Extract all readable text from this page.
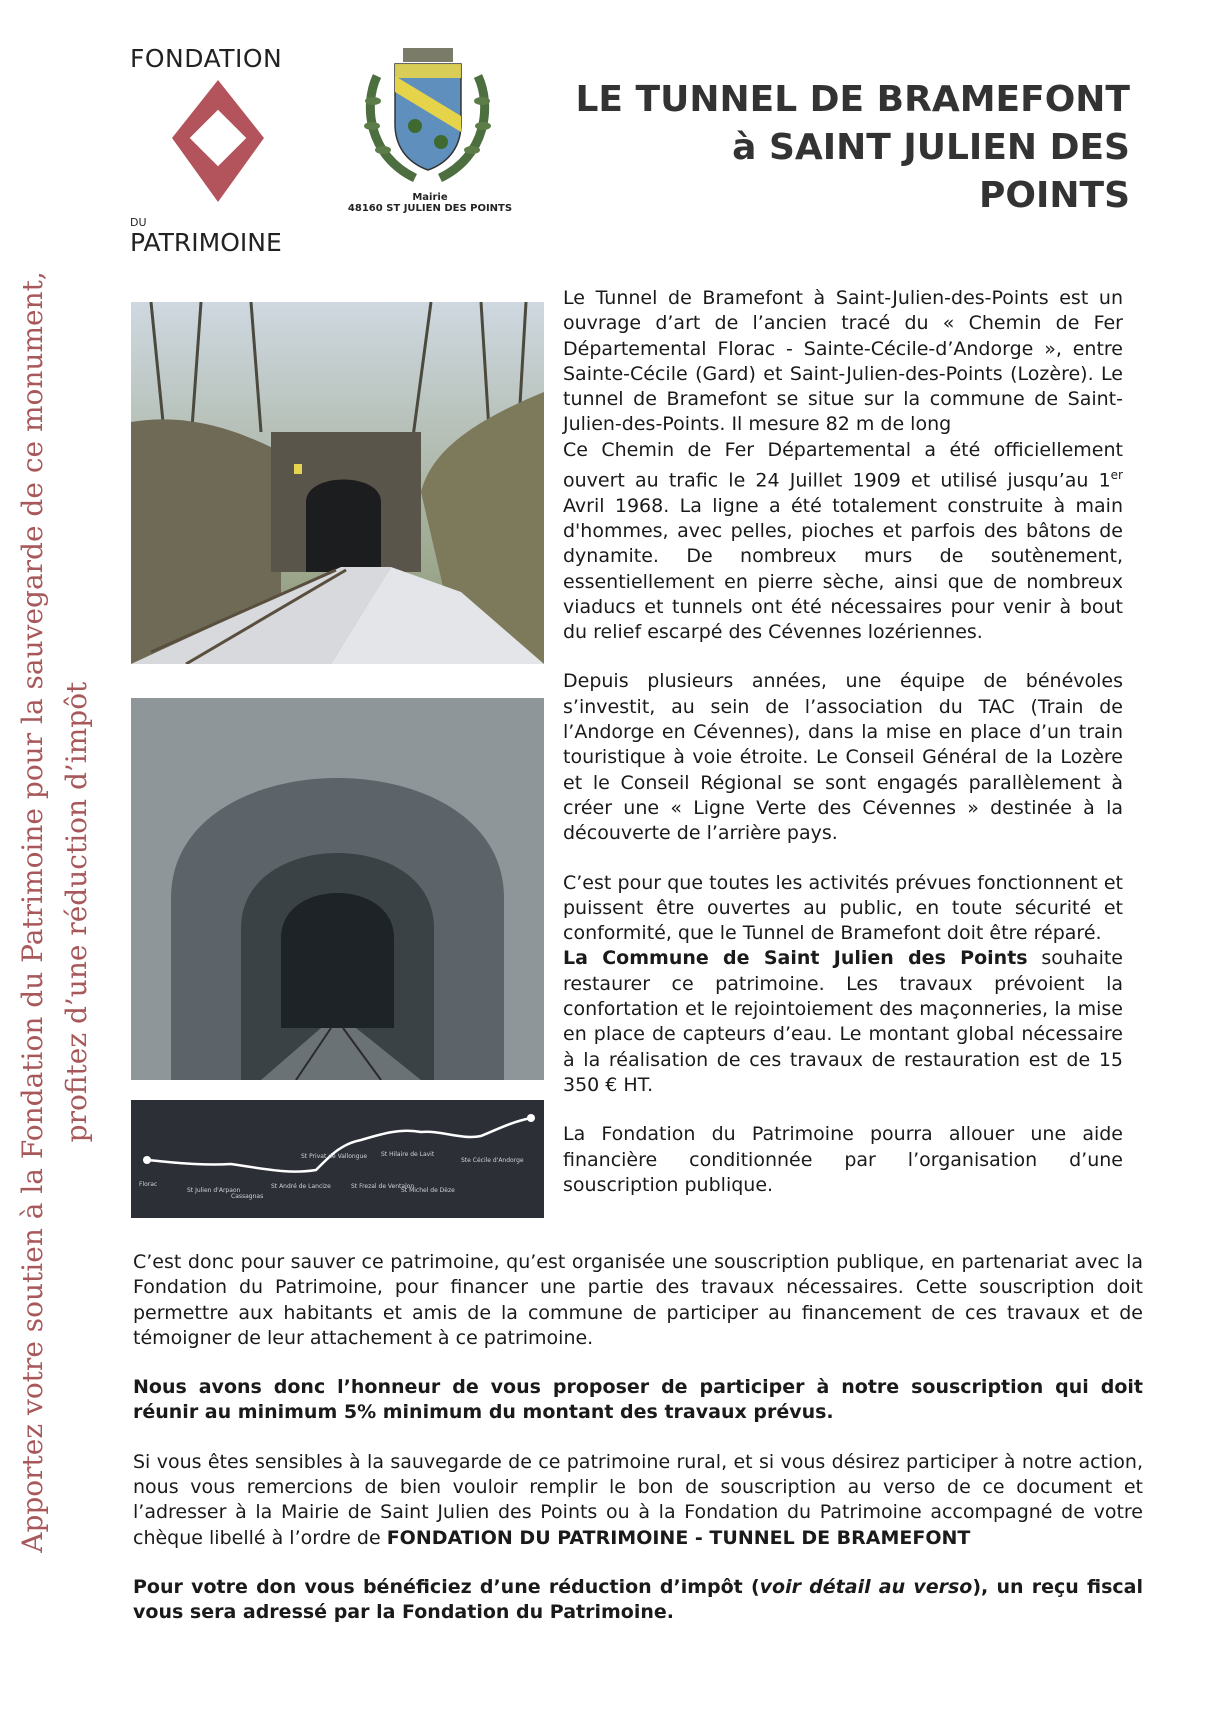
Apportez votre soutien à la Fondation du Patrimoine pour la sauvegarde de ce monument, profitez d’une réduction d’impôt
FONDATION
DU
PATRIMOINE
Mairie
48160 ST JULIEN DES POINTS
LE TUNNEL DE BRAMEFONT
à SAINT JULIEN DES POINTS
Florac
St Julien d'Arpaon
Cassagnas
St André de Lancize
St Privat de Vallongue
St Frezal de Ventalon
St Hilaire de Lavit
St Michel de Dèze
Ste Cécile d'Andorge

Le Tunnel de Bramefont à Saint-Julien-des-Points est un ouvrage d’art de l’ancien tracé du « Chemin de Fer Départemental Florac - Sainte-Cécile-d’Andorge », entre Sainte-Cécile (Gard) et Saint-Julien-des-Points (Lozère). Le tunnel de Bramefont se situe sur la commune de Saint-Julien-des-Points. Il mesure 82 m de long

Ce Chemin de Fer Départemental a été officiellement ouvert au trafic le 24 Juillet 1909 et utilisé jusqu’au 1er Avril 1968. La ligne a été totalement construite à main d'hommes, avec pelles, pioches et parfois des bâtons de dynamite. De nombreux murs de soutènement, essentiellement en pierre sèche, ainsi que de nombreux viaducs et tunnels ont été nécessaires pour venir à bout du relief escarpé des Cévennes lozériennes.

Depuis plusieurs années, une équipe de bénévoles s’investit, au sein de l’association du TAC (Train de l’Andorge en Cévennes), dans la mise en place d’un train touristique à voie étroite. Le Conseil Général de la Lozère et le Conseil Régional se sont engagés parallèlement à créer une « Ligne Verte des Cévennes » destinée à la découverte de l’arrière pays.

C’est pour que toutes les activités prévues fonctionnent et puissent être ouvertes au public, en toute sécurité et conformité, que le Tunnel de Bramefont doit être réparé.

La Commune de Saint Julien des Points souhaite restaurer ce patrimoine. Les travaux prévoient la confortation et le rejointoiement des maçonneries, la mise en place de capteurs d’eau. Le montant global nécessaire à la réalisation de ces travaux de restauration est de 15 350 € HT.

La Fondation du Patrimoine pourra allouer une aide financière conditionnée par l’organisation d’une souscription publique.

C’est donc pour sauver ce patrimoine, qu’est organisée une souscription publique, en partenariat avec la Fondation du Patrimoine, pour financer une partie des travaux nécessaires. Cette souscription doit permettre aux habitants et amis de la commune de participer au financement de ces travaux et de témoigner de leur attachement à ce patrimoine.

Nous avons donc l’honneur de vous proposer de participer à notre souscription qui doit réunir au minimum 5% minimum du montant des travaux prévus.

Si vous êtes sensibles à la sauvegarde de ce patrimoine rural, et si vous désirez participer à notre action, nous vous remercions de bien vouloir remplir le bon de souscription au verso de ce document et l’adresser à la Mairie de Saint Julien des Points ou à la Fondation du Patrimoine accompagné de votre chèque libellé à l’ordre de FONDATION DU PATRIMOINE - TUNNEL DE BRAMEFONT

Pour votre don vous bénéficiez d’une réduction d’impôt (voir détail au verso), un reçu fiscal vous sera adressé par la Fondation du Patrimoine.
